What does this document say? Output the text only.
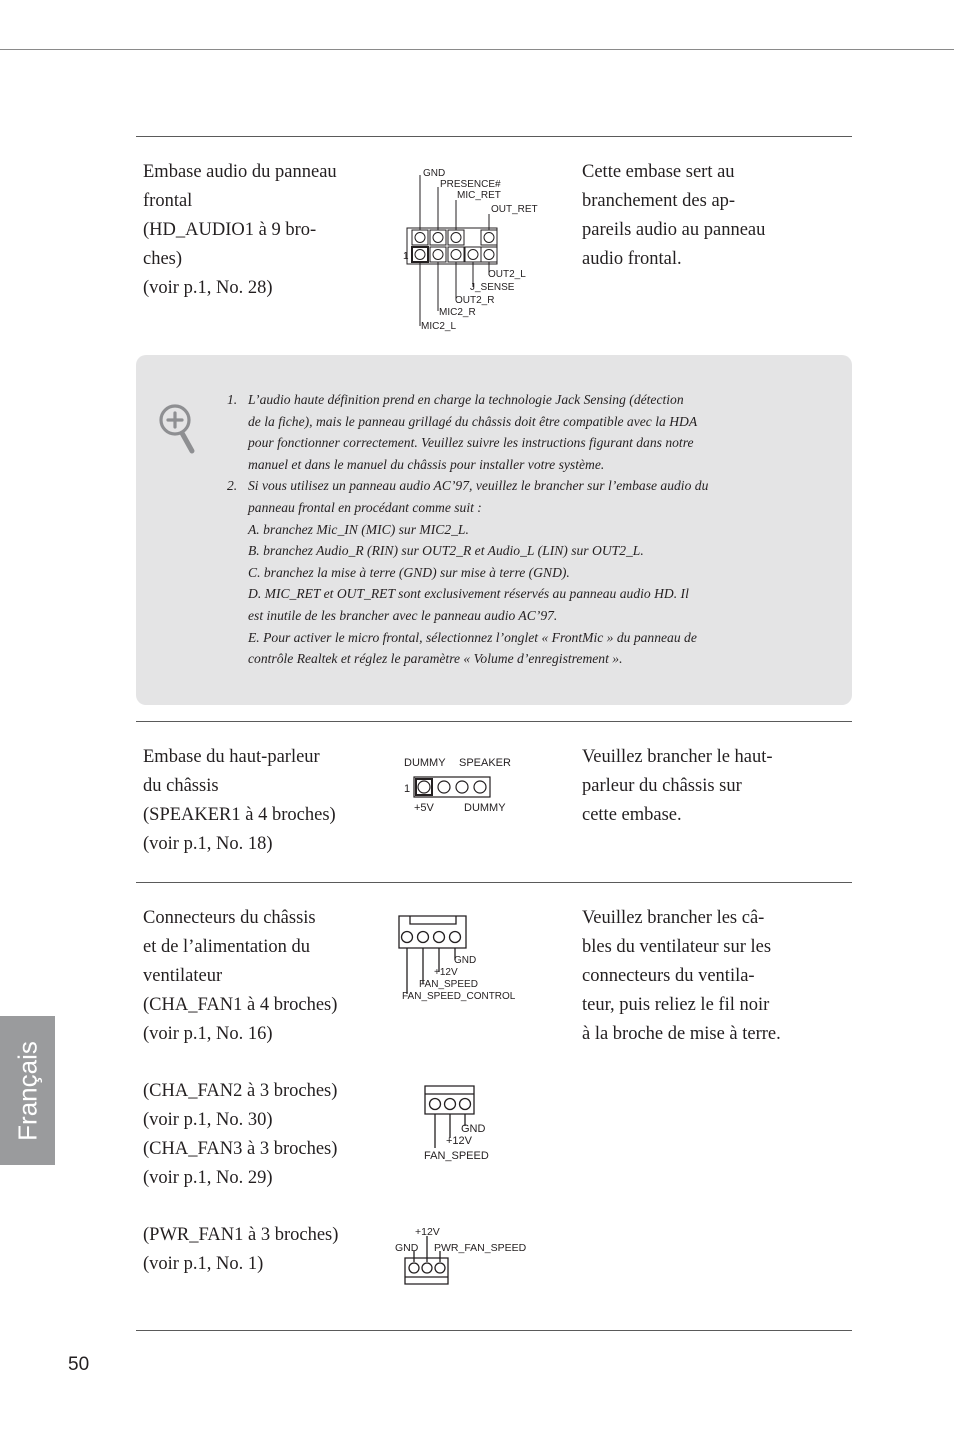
Embase audio du panneau
frontal
(HD_AUDIO1 à 9 bro-
ches)
(voir p.1, No. 28)
Cette embase sert au
branchement des ap-
pareils audio au panneau
audio frontal.
1
GND
PRESENCE#
MIC_RET
OUT_RET
OUT2_L
J_SENSE
OUT2_R
MIC2_R
MIC2_L
1. L’audio haute définition prend en charge la technologie Jack Sensing (détection
de la fiche), mais le panneau grillagé du châssis doit être compatible avec la HDA
pour fonctionner correctement. Veuillez suivre les instructions figurant dans notre
manuel et dans le manuel du châssis pour installer votre système.
2. Si vous utilisez un panneau audio AC’97, veuillez le brancher sur l’embase audio du
panneau frontal en procédant comme suit :
A. branchez Mic_IN (MIC) sur MIC2_L.
B. branchez Audio_R (RIN) sur OUT2_R et Audio_L (LIN) sur OUT2_L.
C. branchez la mise à terre (GND) sur mise à terre (GND).
D. MIC_RET et OUT_RET sont exclusivement réservés au panneau audio HD. Il
est inutile de les brancher avec le panneau audio AC’97.
E. Pour activer le micro frontal, sélectionnez l’onglet « FrontMic » du panneau de
contrôle Realtek et réglez le paramètre « Volume d’enregistrement ».
Embase du haut-parleur
du châssis
(SPEAKER1 à 4 broches)
(voir p.1, No. 18)
Veuillez brancher le haut-
parleur du châssis sur
cette embase.
DUMMY SPEAKER
1
+5V	DUMMY
Connecteurs du châssis
et de l’alimentation du
ventilateur
(CHA_FAN1 à 4 broches)
(voir p.1, No. 16)
Veuillez brancher les câ-
bles du ventilateur sur les
connecteurs du ventila-
teur, puis reliez le fil noir
à la broche de mise à terre.
GND
+12V
FAN_SPEED
FAN_SPEED_CONTROL
(CHA_FAN2 à 3 broches)
(voir p.1, No. 30)
(CHA_FAN3 à 3 broches)
(voir p.1, No. 29)
GND
+12V
FAN_SPEED
(PWR_FAN1 à 3 broches)
(voir p.1, No. 1)
+12V
GND PWR_FAN_SPEED
Français
50
